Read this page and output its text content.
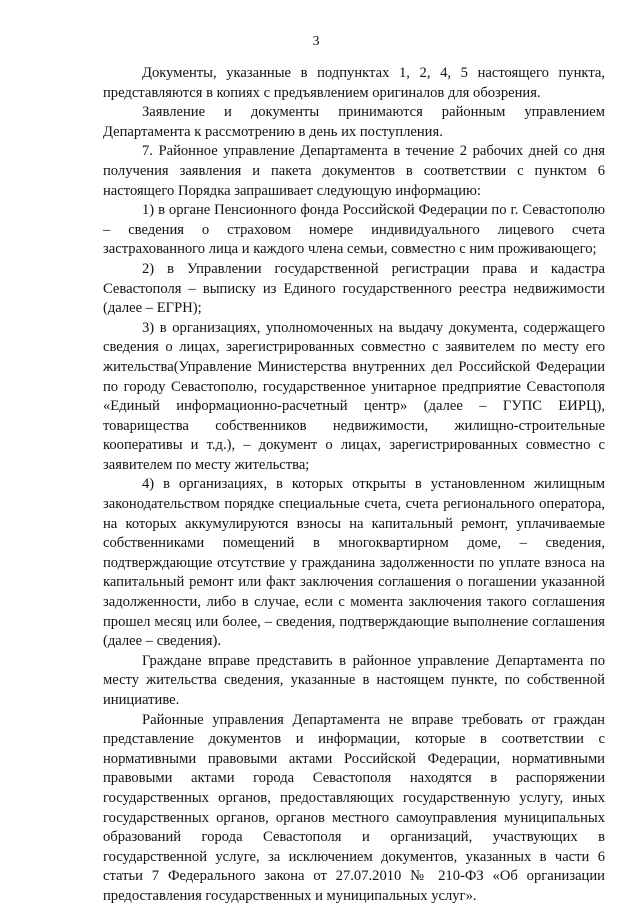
3

Документы, указанные в подпунктах 1, 2, 4, 5 настоящего пункта, представляются в копиях с предъявлением оригиналов для обозрения.

Заявление и документы принимаются районным управлением Департамента к рассмотрению в день их поступления.

7. Районное управление Департамента в течение 2 рабочих дней со дня получения заявления и пакета документов в соответствии с пунктом 6 настоящего Порядка запрашивает следующую информацию:

1) в органе Пенсионного фонда Российской Федерации по г. Севастополю – сведения о страховом номере индивидуального лицевого счета застрахованного лица и каждого члена семьи, совместно с ним проживающего;

2) в Управлении государственной регистрации права и кадастра Севастополя – выписку из Единого государственного реестра недвижимости (далее – ЕГРН);

3) в организациях, уполномоченных на выдачу документа, содержащего сведения о лицах, зарегистрированных совместно с заявителем по месту его жительства(Управление Министерства внутренних дел Российской Федерации по городу Севастополю, государственное унитарное предприятие Севастополя «Единый информационно-расчетный центр» (далее – ГУПС ЕИРЦ), товарищества собственников недвижимости, жилищно-строительные кооперативы и т.д.), – документ о лицах, зарегистрированных совместно с заявителем по месту жительства;

4) в организациях, в которых открыты в установленном жилищным законодательством порядке специальные счета, счета регионального оператора, на которых аккумулируются взносы на капитальный ремонт, уплачиваемые собственниками помещений в многоквартирном доме, – сведения, подтверждающие отсутствие у гражданина задолженности по уплате взноса на капитальный ремонт или факт заключения соглашения о погашении указанной задолженности, либо в случае, если с момента заключения такого соглашения прошел месяц или более, – сведения, подтверждающие выполнение соглашения (далее – сведения).

Граждане вправе представить в районное управление Департамента по месту жительства сведения, указанные в настоящем пункте, по собственной инициативе.

Районные управления Департамента не вправе требовать от граждан представление документов и информации, которые в соответствии с нормативными правовыми актами Российской Федерации, нормативными правовыми актами города Севастополя находятся в распоряжении государственных органов, предоставляющих государственную услугу, иных государственных органов, органов местного самоуправления муниципальных образований города Севастополя и организаций, участвующих в государственной услуге, за исключением документов, указанных в части 6 статьи 7 Федерального закона от 27.07.2010 № 210-ФЗ «Об организации предоставления государственных и муниципальных услуг».
